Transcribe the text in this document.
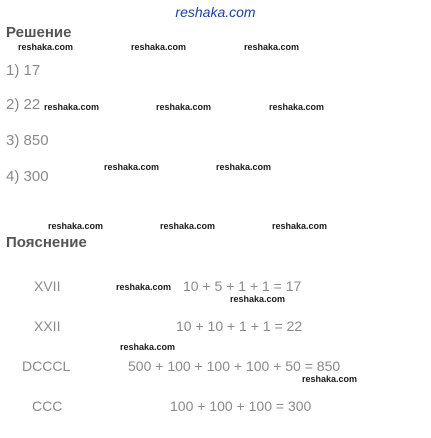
reshaka.com
Решение
1) 17
2) 22
3) 850
4) 300
Пояснение
XVII	10 + 5 + 1 + 1 = 17
XXII	10 + 10 + 1 + 1 = 22
DCCCL	500 + 100 + 100 + 100 + 50 = 850
CCC	100 + 100 + 100 = 300
reshaka.com	reshaka.com	reshaka.com
reshaka.com	reshaka.com	reshaka.com
reshaka.com	reshaka.com
reshaka.com	reshaka.com	reshaka.com
reshaka.com
reshaka.com
reshaka.com
reshaka.com
